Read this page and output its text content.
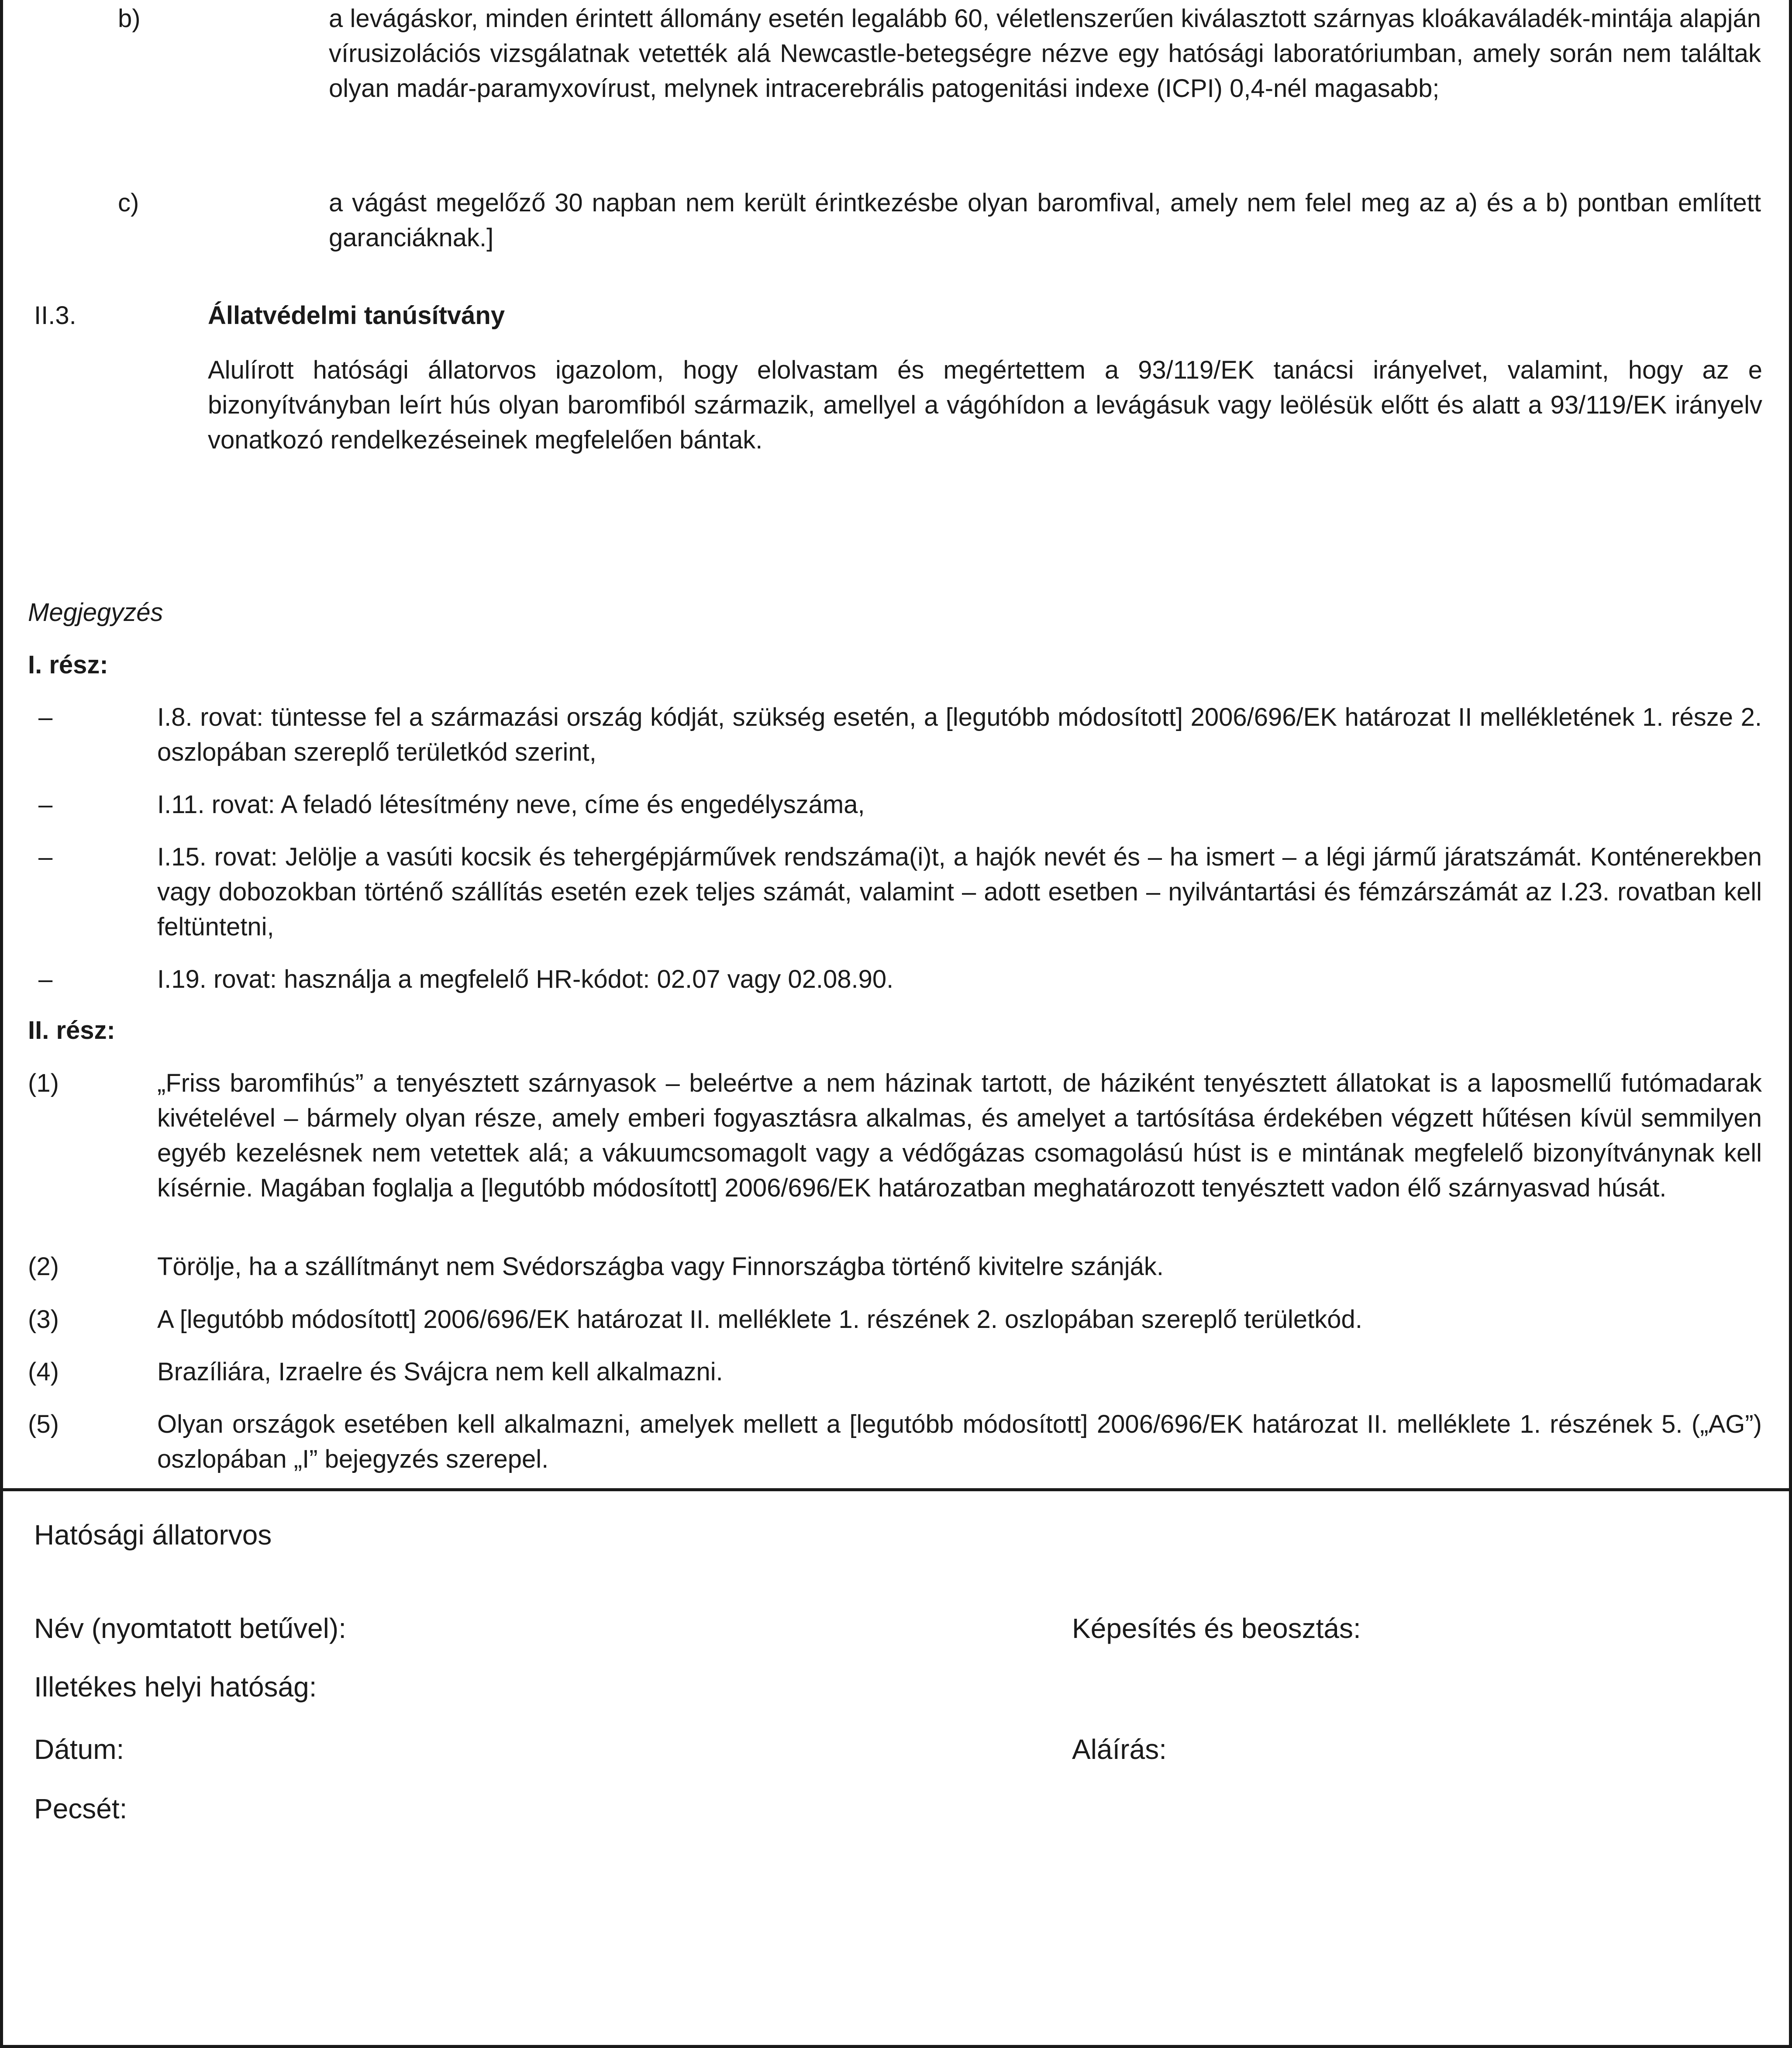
b)	a levágáskor, minden érintett állomány esetén legalább 60, véletlenszerűen kiválasztott szárnyas kloákaváladék-mintája alapján vírusizolációs vizsgálatnak vetették alá Newcastle-betegségre nézve egy hatósági laboratóriumban, amely során nem találtak olyan madár-paramyxovírust, melynek intracerebrális patogenitási indexe (ICPI) 0,4-nél magasabb;
c)	a vágást megelőző 30 napban nem került érintkezésbe olyan baromfival, amely nem felel meg az a) és a b) pontban említett garanciáknak.]
II.3.	Állatvédelmi tanúsítvány
Alulírott hatósági állatorvos igazolom, hogy elolvastam és megértettem a 93/119/EK tanácsi irányelvet, valamint, hogy az e bizonyítványban leírt hús olyan baromfiból származik, amellyel a vágóhídon a levágásuk vagy leölésük előtt és alatt a 93/119/EK irányelv vonatkozó rendelkezéseinek megfelelően bántak.
Megjegyzés
I. rész:
–	I.8. rovat: tüntesse fel a származási ország kódját, szükség esetén, a [legutóbb módosított] 2006/696/EK határozat II mellékletének 1. része 2. oszlopában szereplő területkód szerint,
–	I.11. rovat: A feladó létesítmény neve, címe és engedélyszáma,
–	I.15. rovat: Jelölje a vasúti kocsik és tehergépjárművek rendszáma(i)t, a hajók nevét és – ha ismert – a légi jármű járatszámát. Konténerekben vagy dobozokban történő szállítás esetén ezek teljes számát, valamint – adott esetben – nyilvántartási és fémzárszámát az I.23. rovatban kell feltüntetni,
–	I.19. rovat: használja a megfelelő HR-kódot: 02.07 vagy 02.08.90.
II. rész:
(1)	„Friss baromfihús” a tenyésztett szárnyasok – beleértve a nem házinak tartott, de háziként tenyésztett állatokat is a laposmellű futómadarak kivételével – bármely olyan része, amely emberi fogyasztásra alkalmas, és amelyet a tartósítása érdekében végzett hűtésen kívül semmilyen egyéb kezelésnek nem vetettek alá; a vákuumcsomagolt vagy a védőgázas csomagolású húst is e mintának megfelelő bizonyítványnak kell kísérnie. Magában foglalja a [legutóbb módosított] 2006/696/EK határozatban meghatározott tenyésztett vadon élő szárnyasvad húsát.
(2)	Törölje, ha a szállítmányt nem Svédországba vagy Finnországba történő kivitelre szánják.
(3)	A [legutóbb módosított] 2006/696/EK határozat II. melléklete 1. részének 2. oszlopában szereplő területkód.
(4)	Brazíliára, Izraelre és Svájcra nem kell alkalmazni.
(5)	Olyan országok esetében kell alkalmazni, amelyek mellett a [legutóbb módosított] 2006/696/EK határozat II. melléklete 1. részének 5. („AG”) oszlopában „I” bejegyzés szerepel.
Hatósági állatorvos
Név (nyomtatott betűvel):	Képesítés és beosztás:
Illetékes helyi hatóság:
Dátum:	Aláírás:
Pecsét:
